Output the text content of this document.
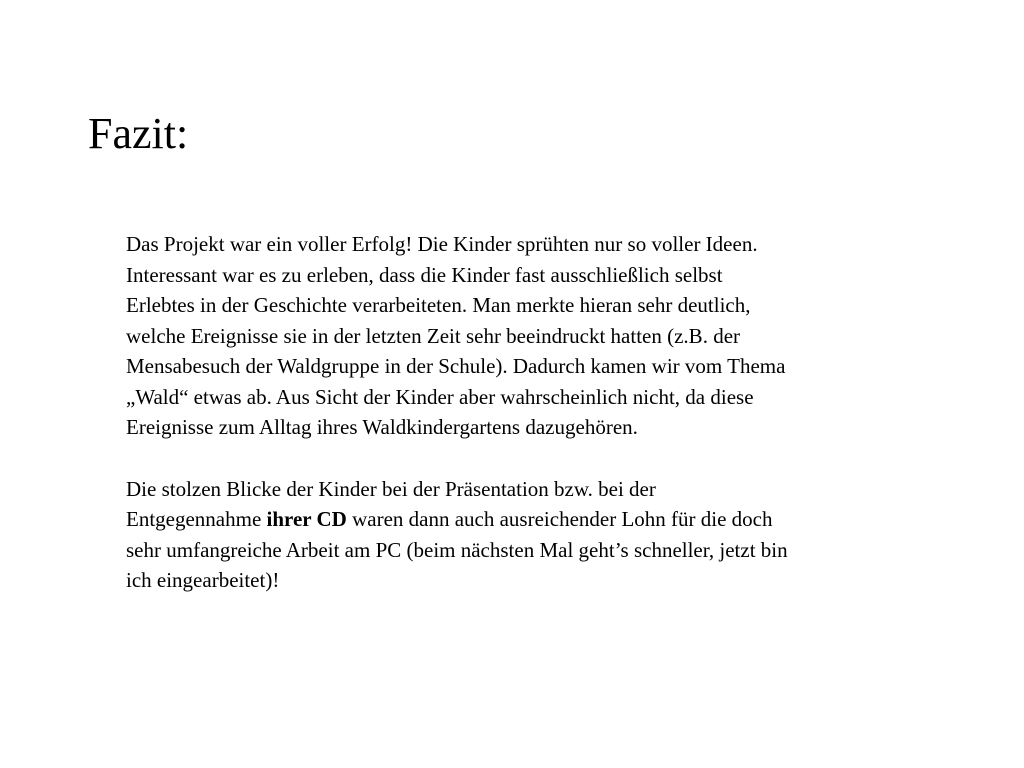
Fazit:

Das Projekt war ein voller Erfolg! Die Kinder sprühten nur so voller Ideen.
Interessant war es zu erleben, dass die Kinder fast ausschließlich selbst
Erlebtes in der Geschichte verarbeiteten. Man merkte hieran sehr deutlich,
welche Ereignisse sie in der letzten Zeit sehr beeindruckt hatten (z.B. der
Mensabesuch der Waldgruppe in der Schule). Dadurch kamen wir vom Thema
„Wald“ etwas ab. Aus Sicht der Kinder aber wahrscheinlich nicht, da diese
Ereignisse zum Alltag ihres Waldkindergartens dazugehören.

Die stolzen Blicke der Kinder bei der Präsentation bzw. bei der
Entgegennahme ihrer CD waren dann auch ausreichender Lohn für die doch
sehr umfangreiche Arbeit am PC (beim nächsten Mal geht’s schneller, jetzt bin
ich eingearbeitet)!
